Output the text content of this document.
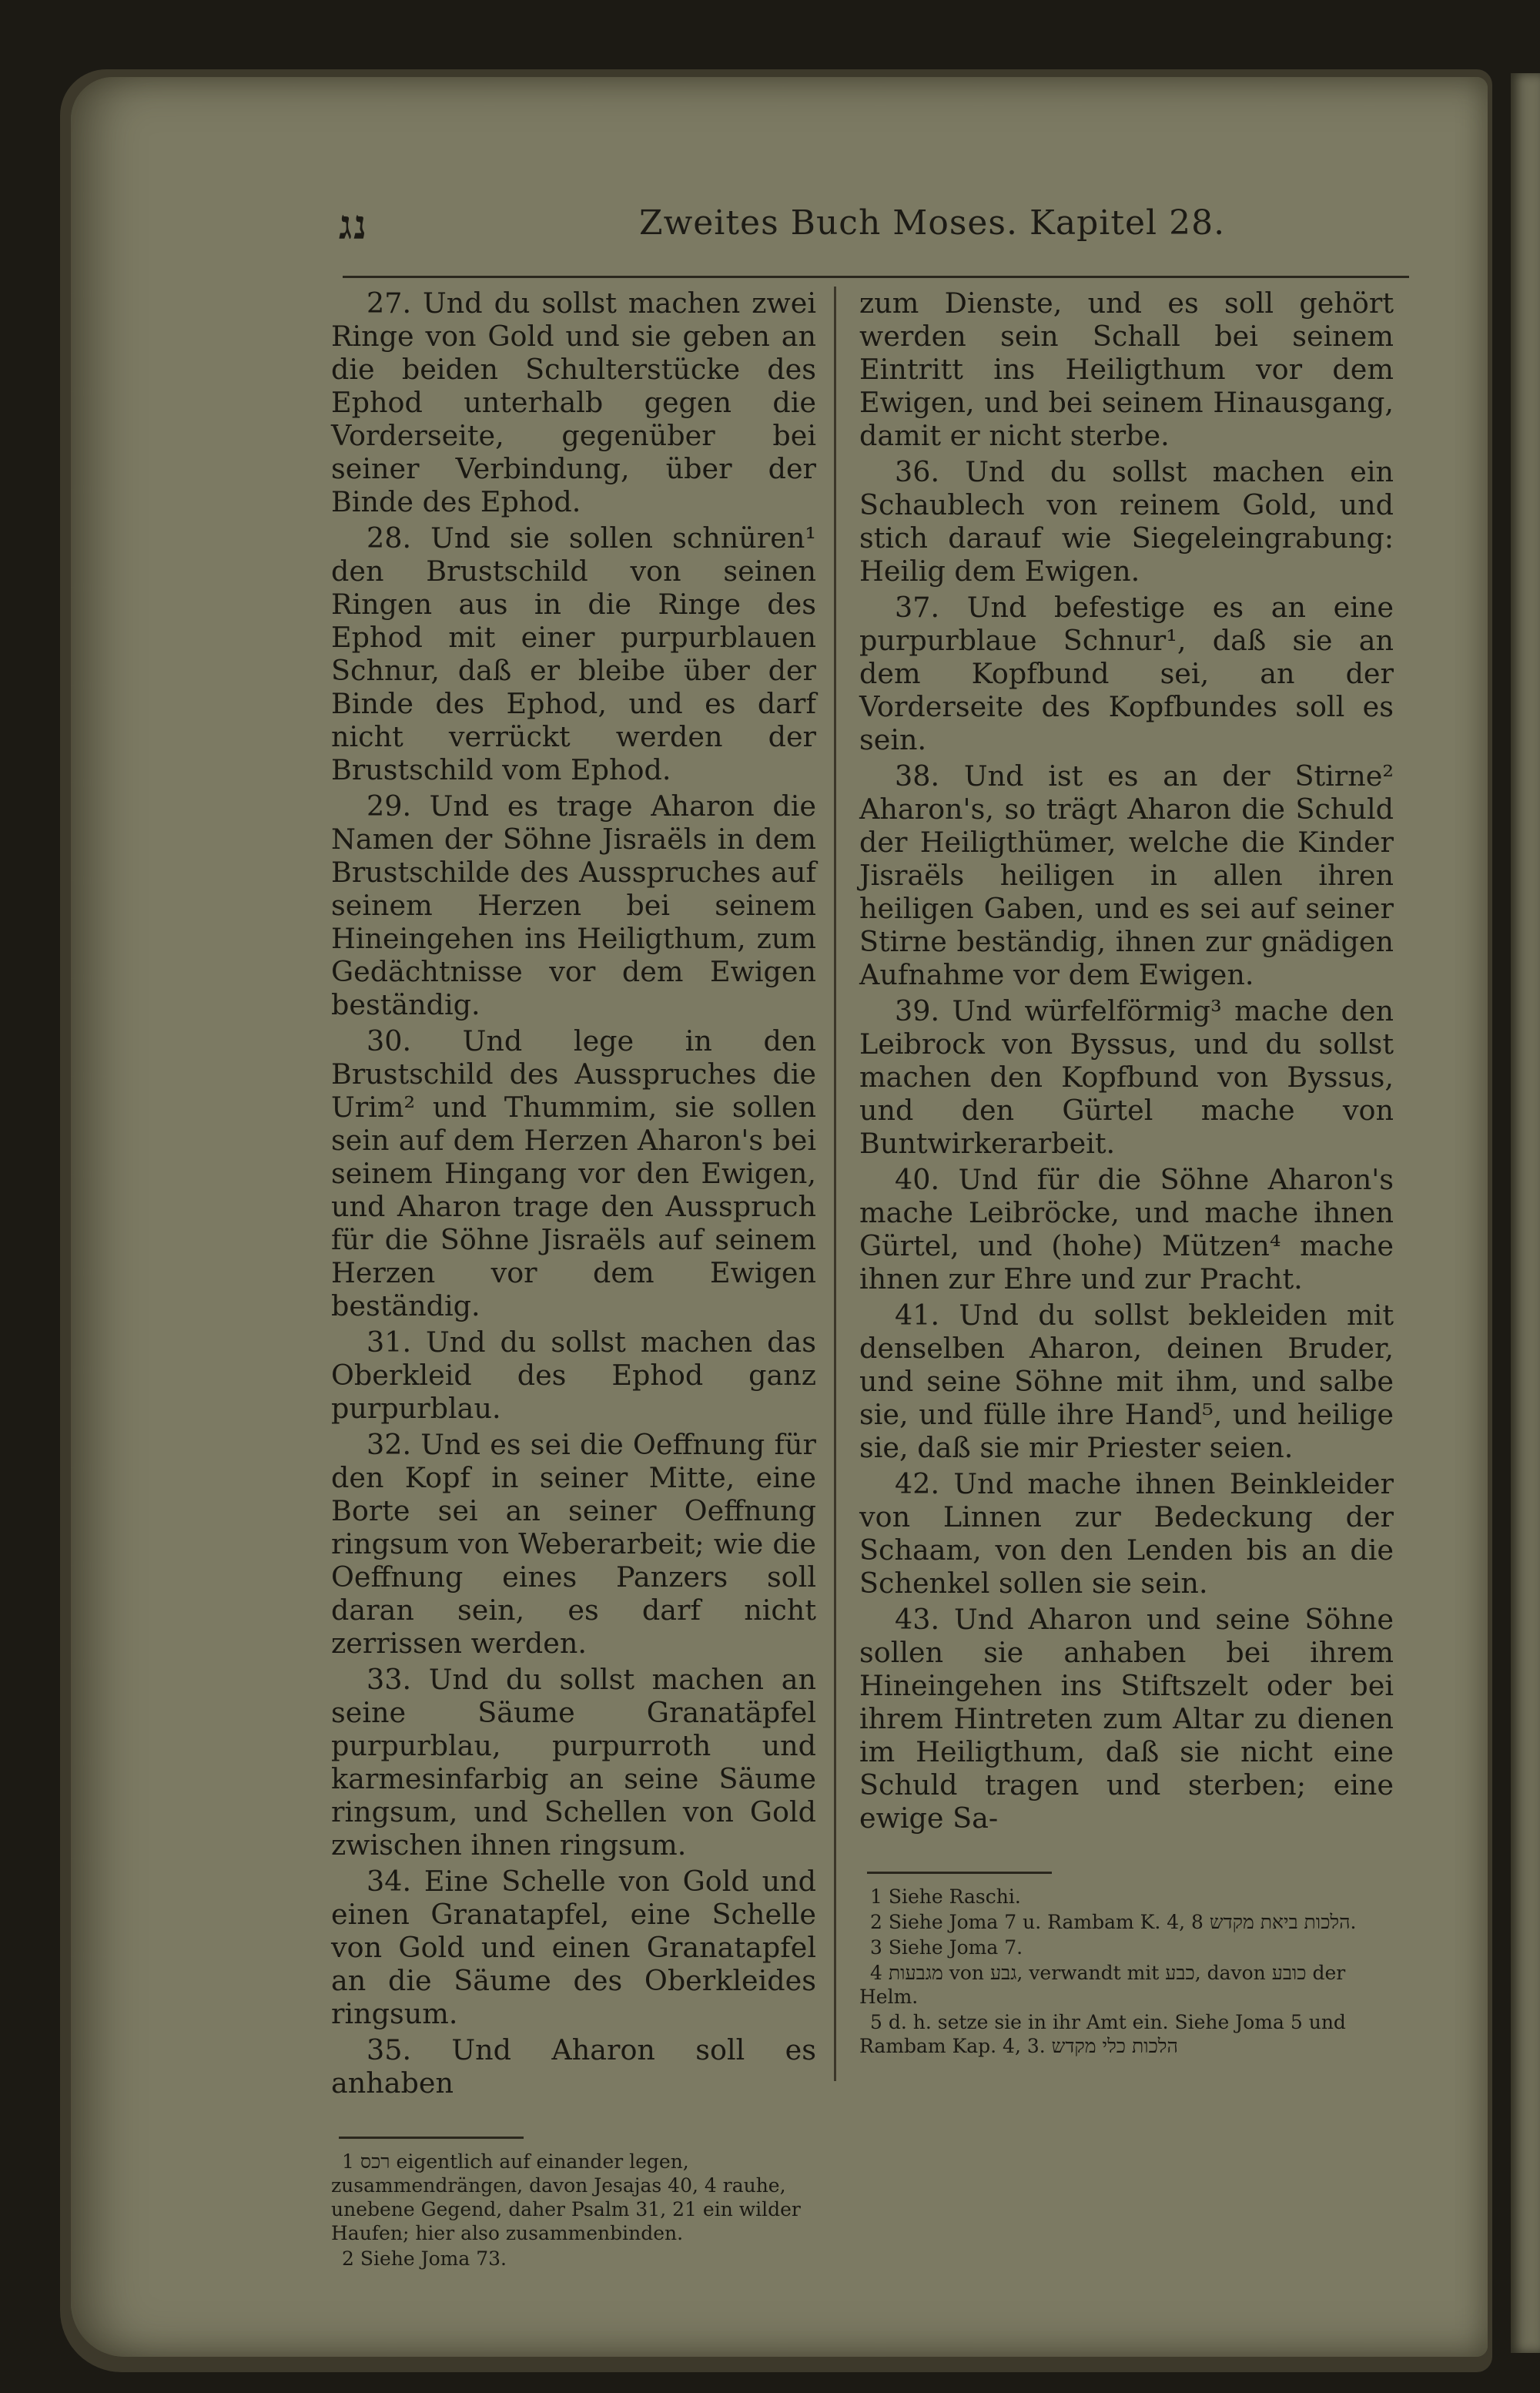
נג	Zweites Buch Moses. Kapitel 28.

27. Und du sollst machen zwei Ringe von Gold und sie geben an die beiden Schulterstücke des Ephod unterhalb gegen die Vorderseite, gegenüber bei seiner Verbindung, über der Binde des Ephod.

28. Und sie sollen schnüren¹ den Brustschild von seinen Ringen aus in die Ringe des Ephod mit einer purpurblauen Schnur, daß er bleibe über der Binde des Ephod, und es darf nicht verrückt werden der Brustschild vom Ephod.

29. Und es trage Aharon die Namen der Söhne Jisraëls in dem Brustschilde des Ausspruches auf seinem Herzen bei seinem Hineingehen ins Heiligthum, zum Gedächtnisse vor dem Ewigen beständig.

30. Und lege in den Brustschild des Ausspruches die Urim² und Thummim, sie sollen sein auf dem Herzen Aharon's bei seinem Hingang vor den Ewigen, und Aharon trage den Ausspruch für die Söhne Jisraëls auf seinem Herzen vor dem Ewigen beständig.

31. Und du sollst machen das Oberkleid des Ephod ganz purpurblau.

32. Und es sei die Oeffnung für den Kopf in seiner Mitte, eine Borte sei an seiner Oeffnung ringsum von Weberarbeit; wie die Oeffnung eines Panzers soll daran sein, es darf nicht zerrissen werden.

33. Und du sollst machen an seine Säume Granatäpfel purpurblau, purpurroth und karmesinfarbig an seine Säume ringsum, und Schellen von Gold zwischen ihnen ringsum.

34. Eine Schelle von Gold und einen Granatapfel, eine Schelle von Gold und einen Granatapfel an die Säume des Oberkleides ringsum.

35. Und Aharon soll es anhaben

1 רכס eigentlich auf einander legen, zusammendrängen, davon Jesajas 40, 4 rauhe, unebene Gegend, daher Psalm 31, 21 ein wilder Haufen; hier also zusammenbinden.

2 Siehe Joma 73.

zum Dienste, und es soll gehört werden sein Schall bei seinem Eintritt ins Heiligthum vor dem Ewigen, und bei seinem Hinausgang, damit er nicht sterbe.

36. Und du sollst machen ein Schaublech von reinem Gold, und stich darauf wie Siegeleingrabung: Heilig dem Ewigen.

37. Und befestige es an eine purpurblaue Schnur¹, daß sie an dem Kopfbund sei, an der Vorderseite des Kopfbundes soll es sein.

38. Und ist es an der Stirne² Aharon's, so trägt Aharon die Schuld der Heiligthümer, welche die Kinder Jisraëls heiligen in allen ihren heiligen Gaben, und es sei auf seiner Stirne beständig, ihnen zur gnädigen Aufnahme vor dem Ewigen.

39. Und würfelförmig³ mache den Leibrock von Byssus, und du sollst machen den Kopfbund von Byssus, und den Gürtel mache von Buntwirkerarbeit.

40. Und für die Söhne Aharon's mache Leibröcke, und mache ihnen Gürtel, und (hohe) Mützen⁴ mache ihnen zur Ehre und zur Pracht.

41. Und du sollst bekleiden mit denselben Aharon, deinen Bruder, und seine Söhne mit ihm, und salbe sie, und fülle ihre Hand⁵, und heilige sie, daß sie mir Priester seien.

42. Und mache ihnen Beinkleider von Linnen zur Bedeckung der Schaam, von den Lenden bis an die Schenkel sollen sie sein.

43. Und Aharon und seine Söhne sollen sie anhaben bei ihrem Hineingehen ins Stiftszelt oder bei ihrem Hintreten zum Altar zu dienen im Heiligthum, daß sie nicht eine Schuld tragen und sterben; eine ewige Sa-

1 Siehe Raschi.

2 Siehe Joma 7 u. Rambam K. 4, 8 הלכות ביאת מקדש.

3 Siehe Joma 7.

4 מגבעות von גבע, verwandt mit כבע, davon כובע der Helm.

5 d. h. setze sie in ihr Amt ein. Siehe Joma 5 und Rambam Kap. 4, 3. הלכות כלי מקדש
